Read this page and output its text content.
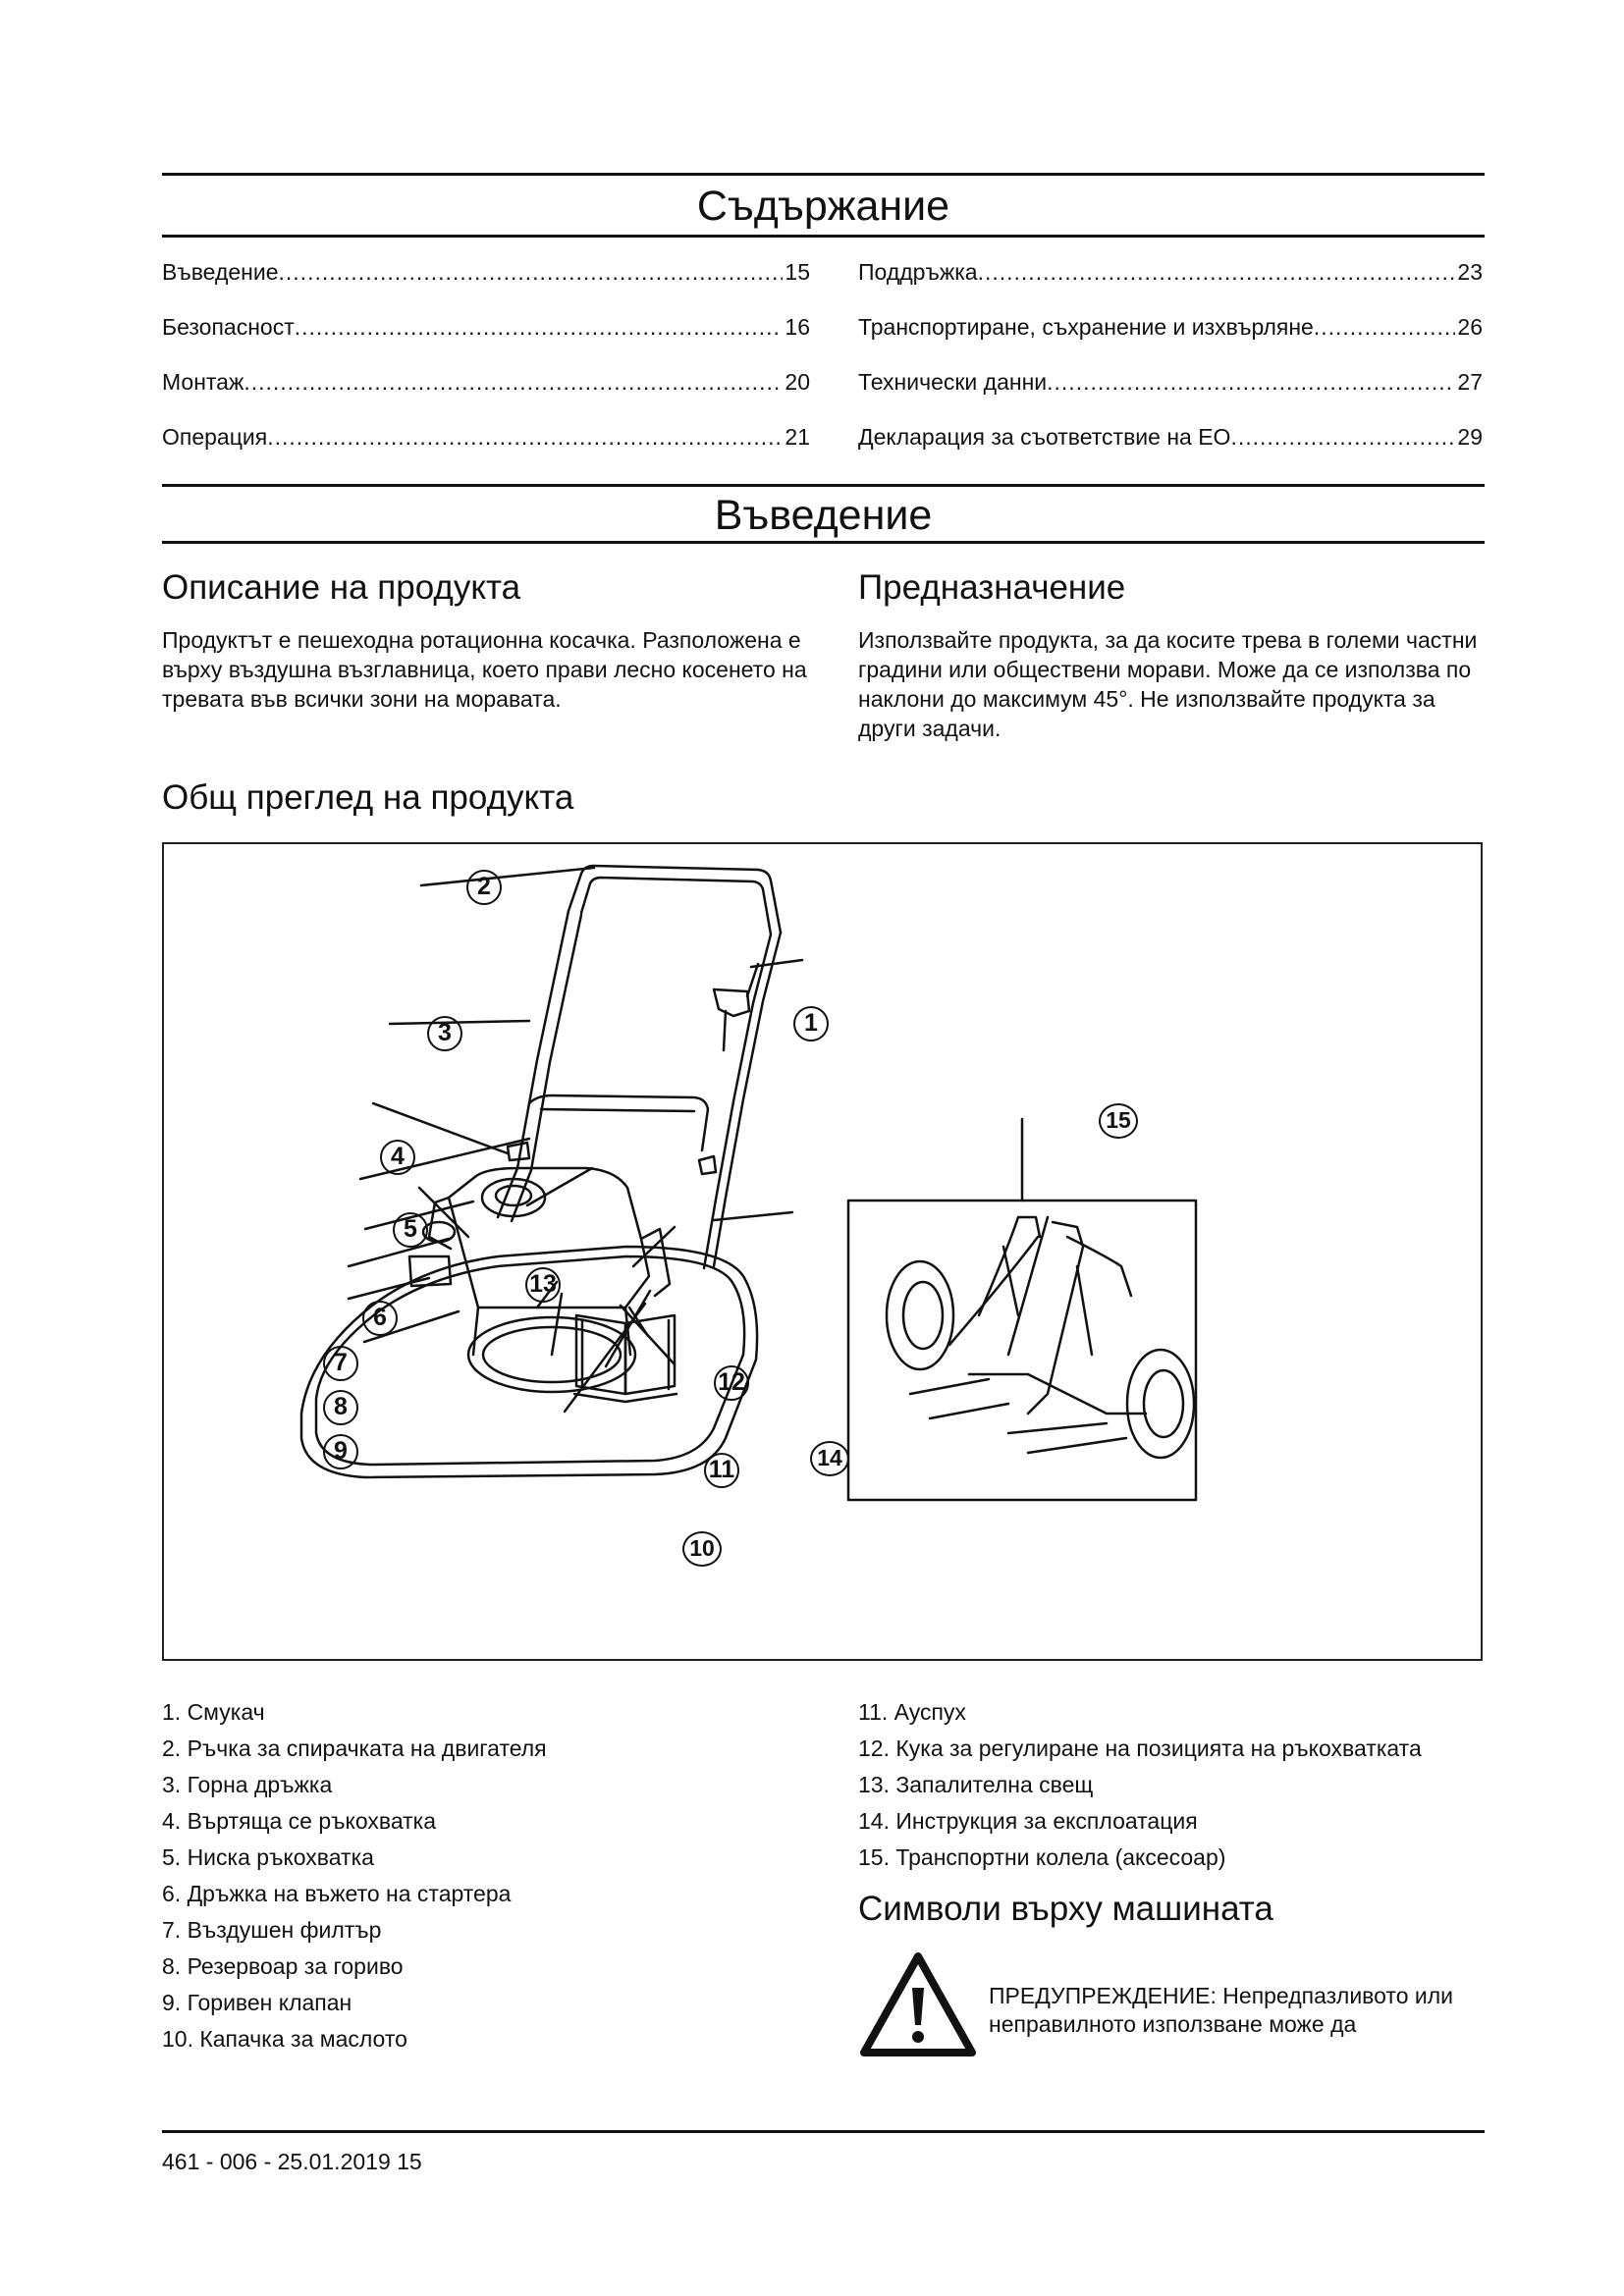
Съдържание
Въведение .....	15
Безопасност .....	16
Монтаж .....	20
Операция .....	21
Поддръжка .....	23
Транспортиране, съхранение и изхвърляне .....	26
Технически данни .....	27
Декларация за съответствие на ЕО .....	29
Въведение
Описание на продукта
Продуктът е пешеходна ротационна косачка. Разположена е върху въздушна възглавница, което прави лесно косенето на тревата във всички зони на моравата.
Предназначение
Използвайте продукта, за да косите трева в големи частни градини или обществени морави. Може да се използва по наклони до максимум 45°. Не използвайте продукта за други задачи.
Общ преглед на продукта
2
1
3
4
5
13
6
7
8
9
12
11
10
14
15
1. Смукач
2. Ръчка за спирачката на двигателя
3. Горна дръжка
4. Въртяща се ръкохватка
5. Ниска ръкохватка
6. Дръжка на въжето на стартера
7. Въздушен филтър
8. Резервоар за гориво
9. Горивен клапан
10. Капачка за маслото
11. Ауспух
12. Кука за регулиране на позицията на ръкохватката
13. Запалителна свещ
14. Инструкция за експлоатация
15. Транспортни колела (аксесоар)
Символи върху машината
ПРЕДУПРЕЖДЕНИЕ: Непредпазливото или неправилното използване може да
461 - 006 - 25.01.2019 15
